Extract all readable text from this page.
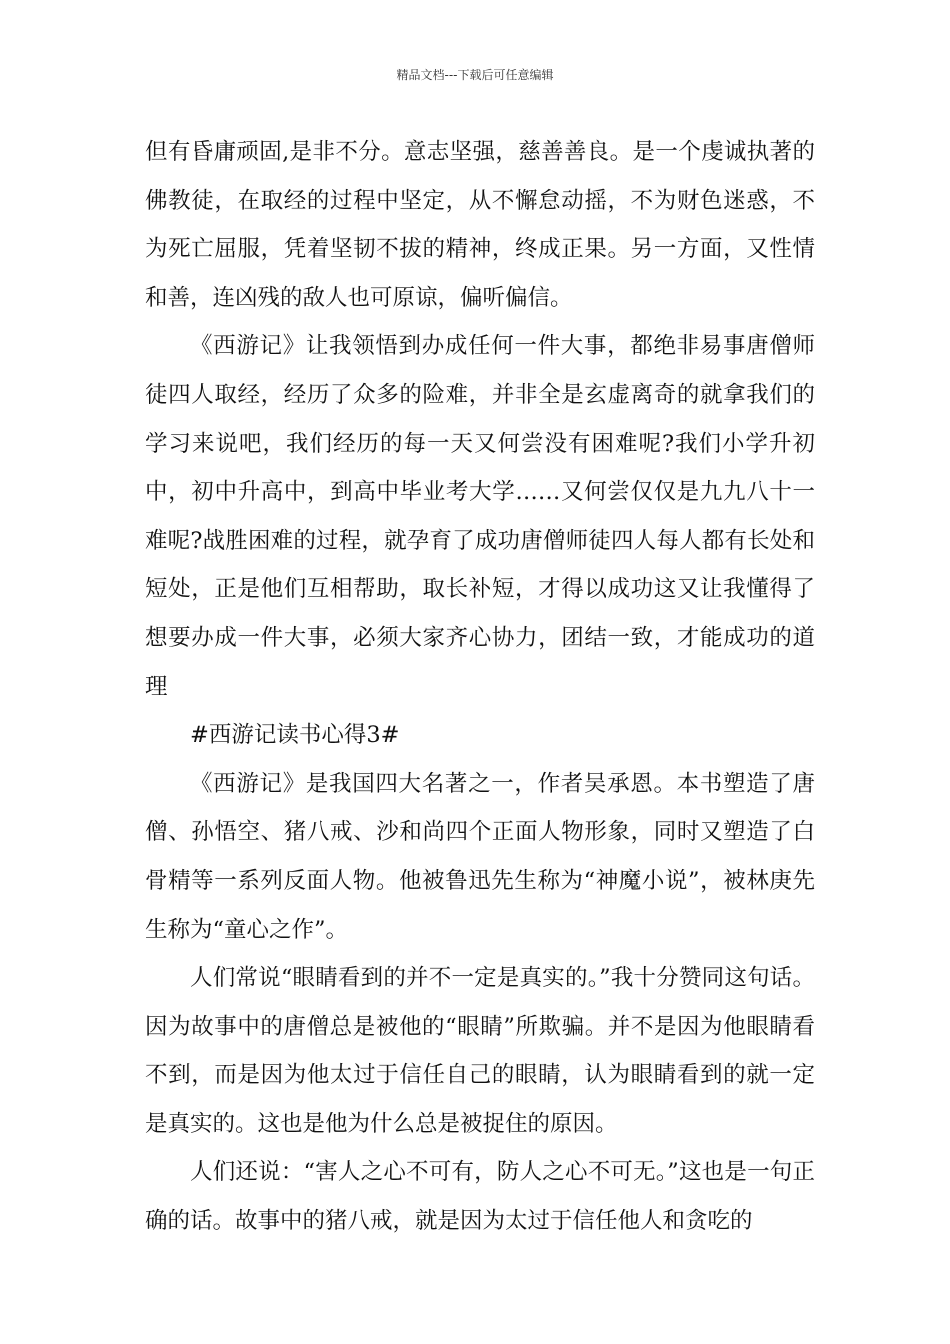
精品文档---下载后可任意编辑

但有昏庸顽固,是非不分。意志坚强，慈善善良。是一个虔诚执著的佛教徒，在取经的过程中坚定，从不懈怠动摇，不为财色迷惑，不为死亡屈服，凭着坚韧不拔的精神，终成正果。另一方面，又性情和善，连凶残的敌人也可原谅，偏听偏信。

《西游记》让我领悟到办成任何一件大事，都绝非易事唐僧师徒四人取经，经历了众多的险难，并非全是玄虚离奇的就拿我们的学习来说吧，我们经历的每一天又何尝没有困难呢?我们小学升初中，初中升高中，到高中毕业考大学……又何尝仅仅是九九八十一难呢?战胜困难的过程，就孕育了成功唐僧师徒四人每人都有长处和短处，正是他们互相帮助，取长补短，才得以成功这又让我懂得了想要办成一件大事，必须大家齐心协力，团结一致，才能成功的道理

#西游记读书心得3#

《西游记》是我国四大名著之一，作者吴承恩。本书塑造了唐僧、孙悟空、猪八戒、沙和尚四个正面人物形象，同时又塑造了白骨精等一系列反面人物。他被鲁迅先生称为“神魔小说”，被林庚先生称为“童心之作”。

人们常说“眼睛看到的并不一定是真实的。”我十分赞同这句话。因为故事中的唐僧总是被他的“眼睛”所欺骗。并不是因为他眼睛看不到，而是因为他太过于信任自己的眼睛，认为眼睛看到的就一定是真实的。这也是他为什么总是被捉住的原因。

人们还说：“害人之心不可有，防人之心不可无。”这也是一句正确的话。故事中的猪八戒，就是因为太过于信任他人和贪吃的
